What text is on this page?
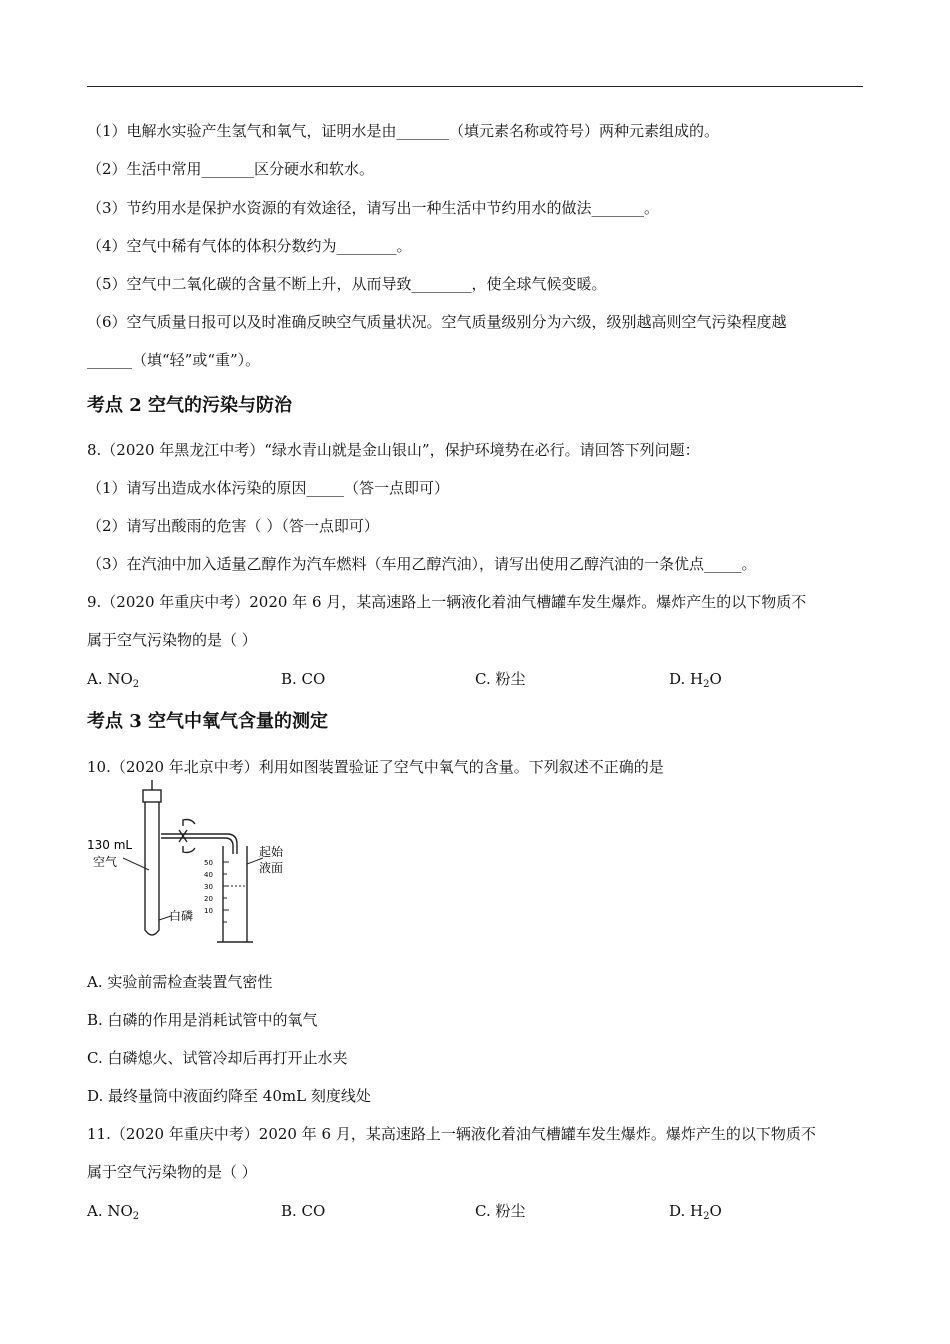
（1）电解水实验产生氢气和氧气，证明水是由_______（填元素名称或符号）两种元素组成的。
（2）生活中常用_______区分硬水和软水。
（3）节约用水是保护水资源的有效途径，请写出一种生活中节约用水的做法_______。
（4）空气中稀有气体的体积分数约为________。
（5）空气中二氧化碳的含量不断上升，从而导致________，使全球气候变暖。
（6）空气质量日报可以及时准确反映空气质量状况。空气质量级别分为六级，级别越高则空气污染程度越
______（填“轻”或“重”）。
考点 2 空气的污染与防治
8.（2020 年黑龙江中考）“绿水青山就是金山银山”，保护环境势在必行。请回答下列问题：
（1）请写出造成水体污染的原因_____（答一点即可）
（2）请写出酸雨的危害（ ）（答一点即可）
（3）在汽油中加入适量乙醇作为汽车燃料（车用乙醇汽油），请写出使用乙醇汽油的一条优点_____。
9.（2020 年重庆中考）2020 年 6 月，某高速路上一辆液化着油气槽罐车发生爆炸。爆炸产生的以下物质不
属于空气污染物的是（ ）
A. $NO_2$	B. CO	C. 粉尘	D. $H_2O$
考点 3 空气中氧气含量的测定
10.（2020 年北京中考）利用如图装置验证了空气中氧气的含量。下列叙述不正确的是
130 mL
空气
白磷
起始
液面
50
40
30
20
10
A. 实验前需检查装置气密性
B. 白磷的作用是消耗试管中的氧气
C. 白磷熄火、试管冷却后再打开止水夹
D. 最终量筒中液面约降至 40mL 刻度线处
11.（2020 年重庆中考）2020 年 6 月，某高速路上一辆液化着油气槽罐车发生爆炸。爆炸产生的以下物质不
属于空气污染物的是（ ）
A. $NO_2$	B. CO	C. 粉尘	D. $H_2O$
